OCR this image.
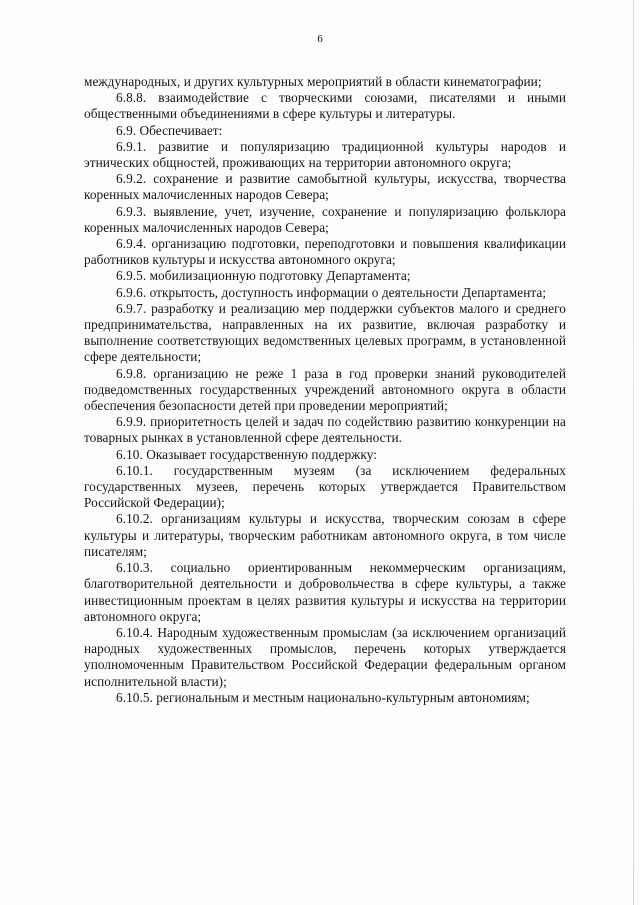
6

международных, и других культурных мероприятий в области кинематографии;

6.8.8. взаимодействие с творческими союзами, писателями и иными общественными объединениями в сфере культуры и литературы.

6.9. Обеспечивает:

6.9.1. развитие и популяризацию традиционной культуры народов и этнических общностей, проживающих на территории автономного округа;

6.9.2. сохранение и развитие самобытной культуры, искусства, творчества коренных малочисленных народов Севера;

6.9.3. выявление, учет, изучение, сохранение и популяризацию фольклора коренных малочисленных народов Севера;

6.9.4. организацию подготовки, переподготовки и повышения квалификации работников культуры и искусства автономного округа;

6.9.5. мобилизационную подготовку Департамента;

6.9.6. открытость, доступность информации о деятельности Департамента;

6.9.7. разработку и реализацию мер поддержки субъектов малого и среднего предпринимательства, направленных на их развитие, включая разработку и выполнение соответствующих ведомственных целевых программ, в установленной сфере деятельности;

6.9.8. организацию не реже 1 раза в год проверки знаний руководителей подведомственных государственных учреждений автономного округа в области обеспечения безопасности детей при проведении мероприятий;

6.9.9. приоритетность целей и задач по содействию развитию конкуренции на товарных рынках в установленной сфере деятельности.

6.10. Оказывает государственную поддержку:

6.10.1. государственным музеям (за исключением федеральных государственных музеев, перечень которых утверждается Правительством Российской Федерации);

6.10.2. организациям культуры и искусства, творческим союзам в сфере культуры и литературы, творческим работникам автономного округа, в том числе писателям;

6.10.3. социально ориентированным некоммерческим организациям, благотворительной деятельности и добровольчества в сфере культуры, а также инвестиционным проектам в целях развития культуры и искусства на территории автономного округа;

6.10.4. Народным художественным промыслам (за исключением организаций народных художественных промыслов, перечень которых утверждается уполномоченным Правительством Российской Федерации федеральным органом исполнительной власти);

6.10.5. региональным и местным национально-культурным автономиям;
